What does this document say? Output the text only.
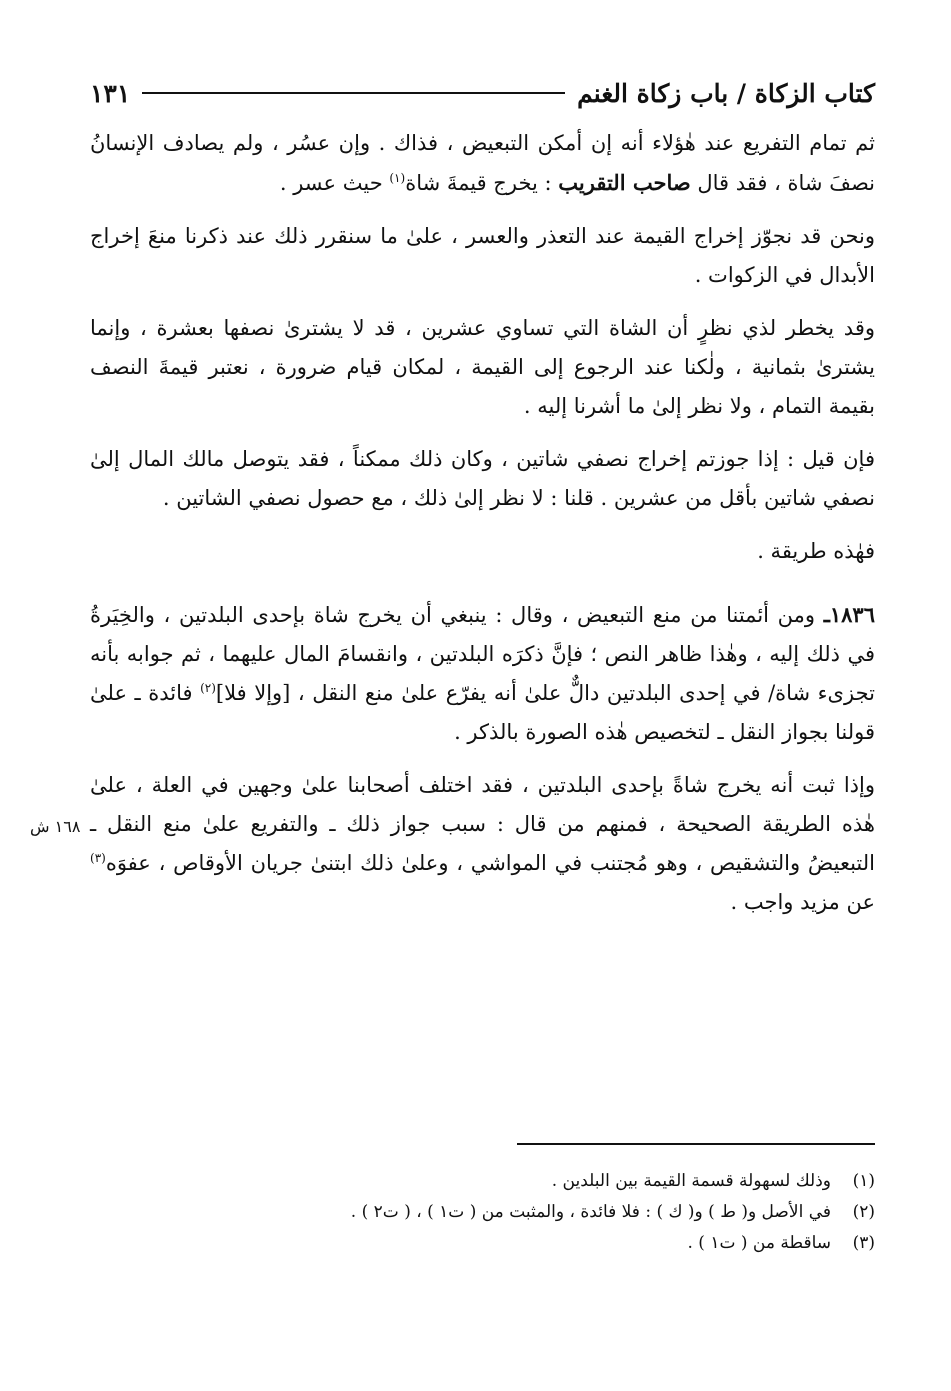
كتاب الزكاة / باب زكاة الغنم
١٣١

ثم تمام التفريع عند هٰؤلاء أنه إن أمكن التبعيض ، فذاك . وإن عسُر ، ولم يصادف الإنسانُ نصفَ شاة ، فقد قال صاحب التقريب : يخرج قيمةَ شاة$^{(١)}$ حيث عسر .

ونحن قد نجوّز إخراج القيمة عند التعذر والعسر ، علىٰ ما سنقرر ذلك عند ذكرنا منعَ إخراج الأبدال في الزكوات .

وقد يخطر لذي نظرٍ أن الشاة التي تساوي عشرين ، قد لا يشترىٰ نصفها بعشرة ، وإنما يشترىٰ بثمانية ، ولٰكنا عند الرجوع إلى القيمة ، لمكان قيام ضرورة ، نعتبر قيمةَ النصف بقيمة التمام ، ولا نظر إلىٰ ما أشرنا إليه .

فإن قيل : إذا جوزتم إخراج نصفي شاتين ، وكان ذلك ممكناً ، فقد يتوصل مالك المال إلىٰ نصفي شاتين بأقل من عشرين . قلنا : لا نظر إلىٰ ذلك ، مع حصول نصفي الشاتين .

فهٰذه طريقة .

١٨٣٦ـ ومن أئمتنا من منع التبعيض ، وقال : ينبغي أن يخرج شاة بإحدى البلدتين ، والخِيَرةُ في ذلك إليه ، وهٰذا ظاهر النص ؛ فإنَّ ذكرَه البلدتين ، وانقسامَ المال عليهما ، ثم جوابه بأنه تجزىء شاة/ في إحدى البلدتين دالٌّ علىٰ أنه يفرّع علىٰ منع النقل ، [وإلا فلا]$^{(٢)}$ فائدة ـ علىٰ قولنا بجواز النقل ـ لتخصيص هٰذه الصورة بالذكر .

وإذا ثبت أنه يخرج شاةً بإحدى البلدتين ، فقد اختلف أصحابنا علىٰ وجهين في العلة ، علىٰ هٰذه الطريقة الصحيحة ، فمنهم من قال : سبب جواز ذلك ـ والتفريع علىٰ منع النقل ـ التبعيضُ والتشقيص ، وهو مُجتنب في المواشي ، وعلىٰ ذلك ابتنىٰ جريان الأوقاص ، عفوَه$^{(٣)}$ عن مزيد واجب .

١٦٨ ش
(١)وذلك لسهولة قسمة القيمة بين البلدين .
(٢)في الأصل و( ط ) و( ك ) : فلا فائدة ، والمثبت من ( ت١ ) ، ( ت٢ ) .
(٣)ساقطة من ( ت١ ) .
